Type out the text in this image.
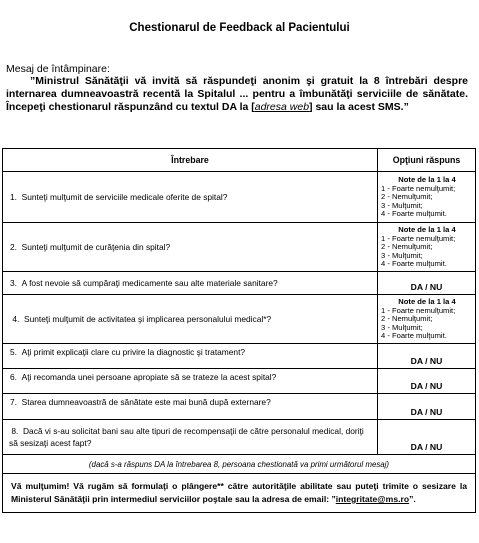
Chestionarul de Feedback al Pacientului
Mesaj de întâmpinare:
”Ministrul Sănătăţii vă invită să răspundeţi anonim şi gratuit la 8 întrebări despre internarea dumneavoastră recentă la Spitalul ... pentru a îmbunătăţi serviciile de sănătate. Începeţi chestionarul răspunzând cu textul DA la [adresa web] sau la acest SMS.”
Întrebare	Opţiuni răspuns
1. Sunteţi mulţumit de serviciile medicale oferite de spital?	Note de la 1 la 4
1 - Foarte nemulţumit;
2 - Nemulţumit;
3 - Mulţumit;
4 - Foarte mulţumit.

2. Sunteţi mulţumit de curăţenia din spital?	Note de la 1 la 4
1 - Foarte nemulţumit;
2 - Nemulţumit;
3 - Mulţumit;
4 - Foarte mulţumit.

3. A fost nevoie să cumpăraţi medicamente sau alte materiale sanitare?	DA / NU
4. Sunteţi mulţumit de activitatea şi implicarea personalului medical*?	Note de la 1 la 4
1 - Foarte nemulţumit;
2 - Nemulţumit;
3 - Mulţumit;
4 - Foarte mulţumit.

5. Aţi primit explicaţii clare cu privire la diagnostic şi tratament?	DA / NU
6. Aţi recomanda unei persoane apropiate să se trateze la acest spital?	DA / NU
7. Starea dumneavoastră de sănătate este mai bună după externare?	DA / NU
8. Dacă vi s-au solicitat bani sau alte tipuri de recompensaţii de către personalul medical, doriţi să sesizaţi acest fapt?	DA / NU
(dacă s-a răspuns DA la întrebarea 8, persoana chestionată va primi următorul mesaj)	
Vă mulţumim! Vă rugăm să formulaţi o plângere** către autorităţile abilitate sau puteţi trimite o sesizare la Ministerul Sănătăţii prin intermediul serviciilor poştale sau la adresa de email: ”integritate@ms.ro”.	
